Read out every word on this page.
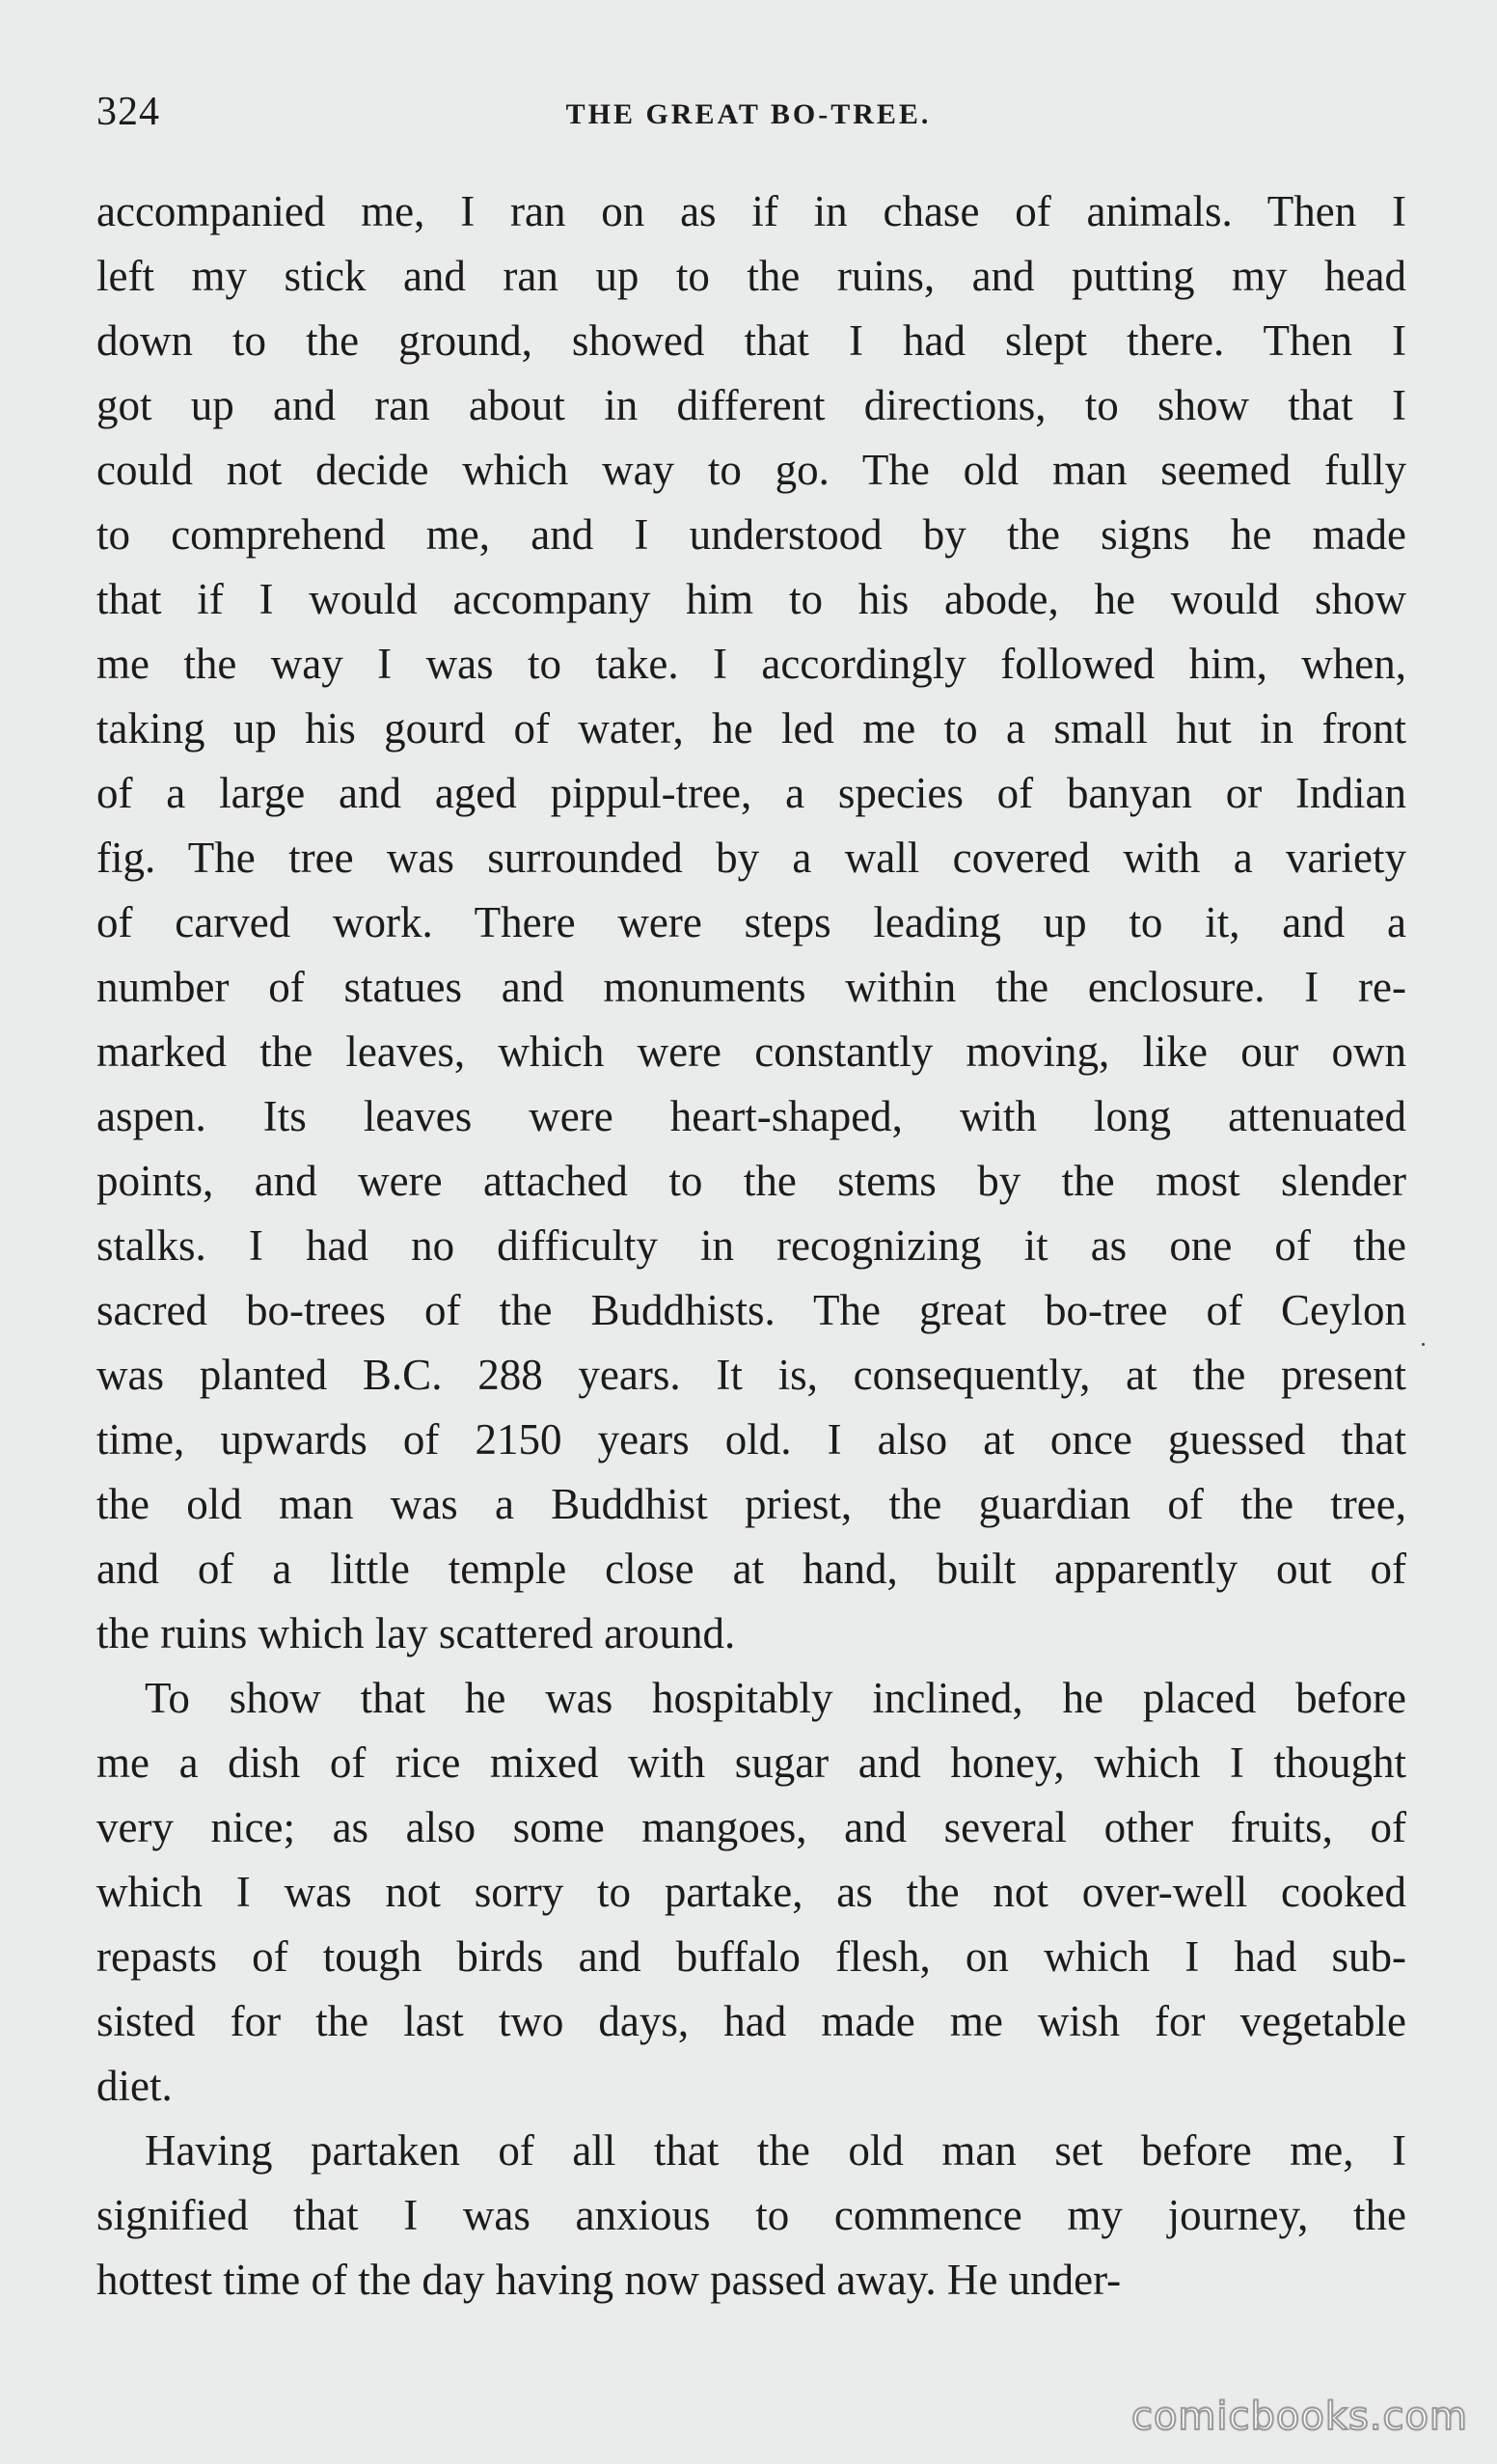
324	THE GREAT BO-TREE.
accompanied me, I ran on as if in chase of animals. Then I
left my stick and ran up to the ruins, and putting my head
down to the ground, showed that I had slept there. Then I
got up and ran about in different directions, to show that I
could not decide which way to go. The old man seemed fully
to comprehend me, and I understood by the signs he made
that if I would accompany him to his abode, he would show
me the way I was to take. I accordingly followed him, when,
taking up his gourd of water, he led me to a small hut in front
of a large and aged pippul-tree, a species of banyan or Indian
fig. The tree was surrounded by a wall covered with a variety
of carved work. There were steps leading up to it, and a
number of statues and monuments within the enclosure. I re-
marked the leaves, which were constantly moving, like our own
aspen. Its leaves were heart-shaped, with long attenuated
points, and were attached to the stems by the most slender
stalks. I had no difficulty in recognizing it as one of the
sacred bo-trees of the Buddhists. The great bo-tree of Ceylon
was planted B.C. 288 years. It is, consequently, at the present
time, upwards of 2150 years old. I also at once guessed that
the old man was a Buddhist priest, the guardian of the tree,
and of a little temple close at hand, built apparently out of
the ruins which lay scattered around.
To show that he was hospitably inclined, he placed before
me a dish of rice mixed with sugar and honey, which I thought
very nice; as also some mangoes, and several other fruits, of
which I was not sorry to partake, as the not over-well cooked
repasts of tough birds and buffalo flesh, on which I had sub-
sisted for the last two days, had made me wish for vegetable
diet.
Having partaken of all that the old man set before me, I
signified that I was anxious to commence my journey, the
hottest time of the day having now passed away. He under-
comicbooks.com
